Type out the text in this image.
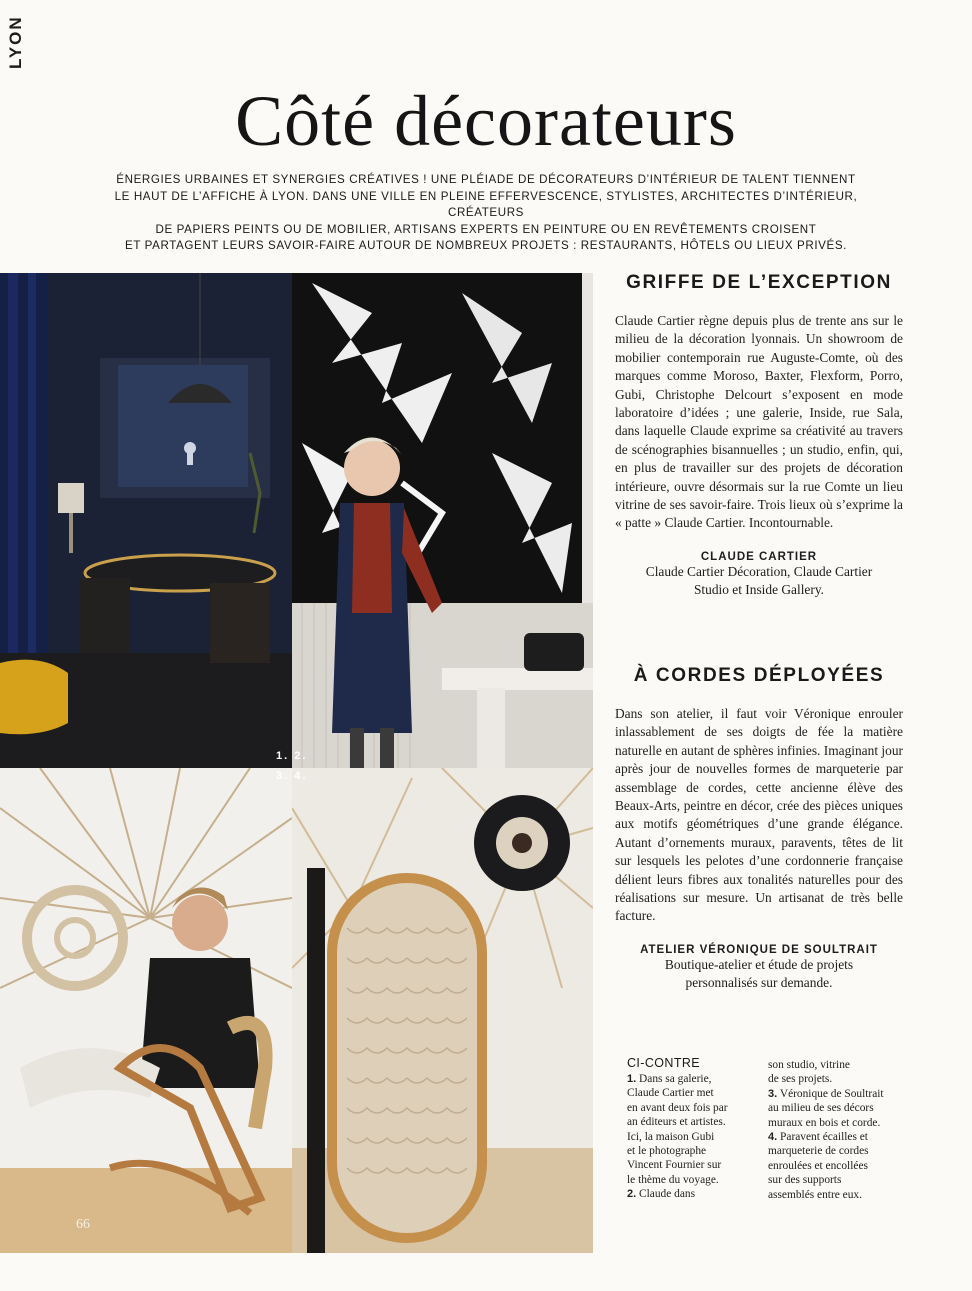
LYON
Côté décorateurs
ÉNERGIES URBAINES ET SYNERGIES CRÉATIVES ! UNE PLÉIADE DE DÉCORATEURS D’INTÉRIEUR DE TALENT TIENNENT
LE HAUT DE L’AFFICHE À LYON. DANS UNE VILLE EN PLEINE EFFERVESCENCE, STYLISTES, ARCHITECTES D’INTÉRIEUR, CRÉATEURS
DE PAPIERS PEINTS OU DE MOBILIER, ARTISANS EXPERTS EN PEINTURE OU EN REVÊTEMENTS CROISENT
ET PARTAGENT LEURS SAVOIR-FAIRE AUTOUR DE NOMBREUX PROJETS : RESTAURANTS, HÔTELS OU LIEUX PRIVÉS.
1. 2.
3. 4.
66
GRIFFE DE L’EXCEPTION

Claude Cartier règne depuis plus de trente ans sur le milieu de la décoration lyonnais. Un showroom de mobilier contemporain rue Auguste-Comte, où des marques comme Moroso, Baxter, Flexform, Porro, Gubi, Christophe Delcourt s’exposent en mode laboratoire d’idées ; une galerie, Inside, rue Sala, dans laquelle Claude exprime sa créativité au travers de scénographies bisannuelles ; un studio, enfin, qui, en plus de travailler sur des projets de décoration intérieure, ouvre désormais sur la rue Comte un lieu vitrine de ses savoir-faire. Trois lieux où s’exprime la « patte » Claude Cartier. Incontournable.

CLAUDE CARTIER
Claude Cartier Décoration, Claude Cartier
Studio et Inside Gallery.
À CORDES DÉPLOYÉES

Dans son atelier, il faut voir Véronique enrouler inlassablement de ses doigts de fée la matière naturelle en autant de sphères infinies. Imaginant jour après jour de nouvelles formes de marqueterie par assemblage de cordes, cette ancienne élève des Beaux-Arts, peintre en décor, crée des pièces uniques aux motifs géométriques d’une grande élégance. Autant d’ornements muraux, paravents, têtes de lit sur lesquels les pelotes d’une cordonnerie française délient leurs fibres aux tonalités naturelles pour des réalisations sur mesure. Un artisanat de très belle facture.

ATELIER VÉRONIQUE DE SOULTRAIT
Boutique-atelier et étude de projets
personnalisés sur demande.
CI-CONTRE
1. Dans sa galerie,
Claude Cartier met
en avant deux fois par
an éditeurs et artistes.
Ici, la maison Gubi
et le photographe
Vincent Fournier sur
le thème du voyage.
2. Claude dans
son studio, vitrine
de ses projets.
3. Véronique de Soultrait
au milieu de ses décors
muraux en bois et corde.
4. Paravent écailles et
marqueterie de cordes
enroulées et encollées
sur des supports
assemblés entre eux.
